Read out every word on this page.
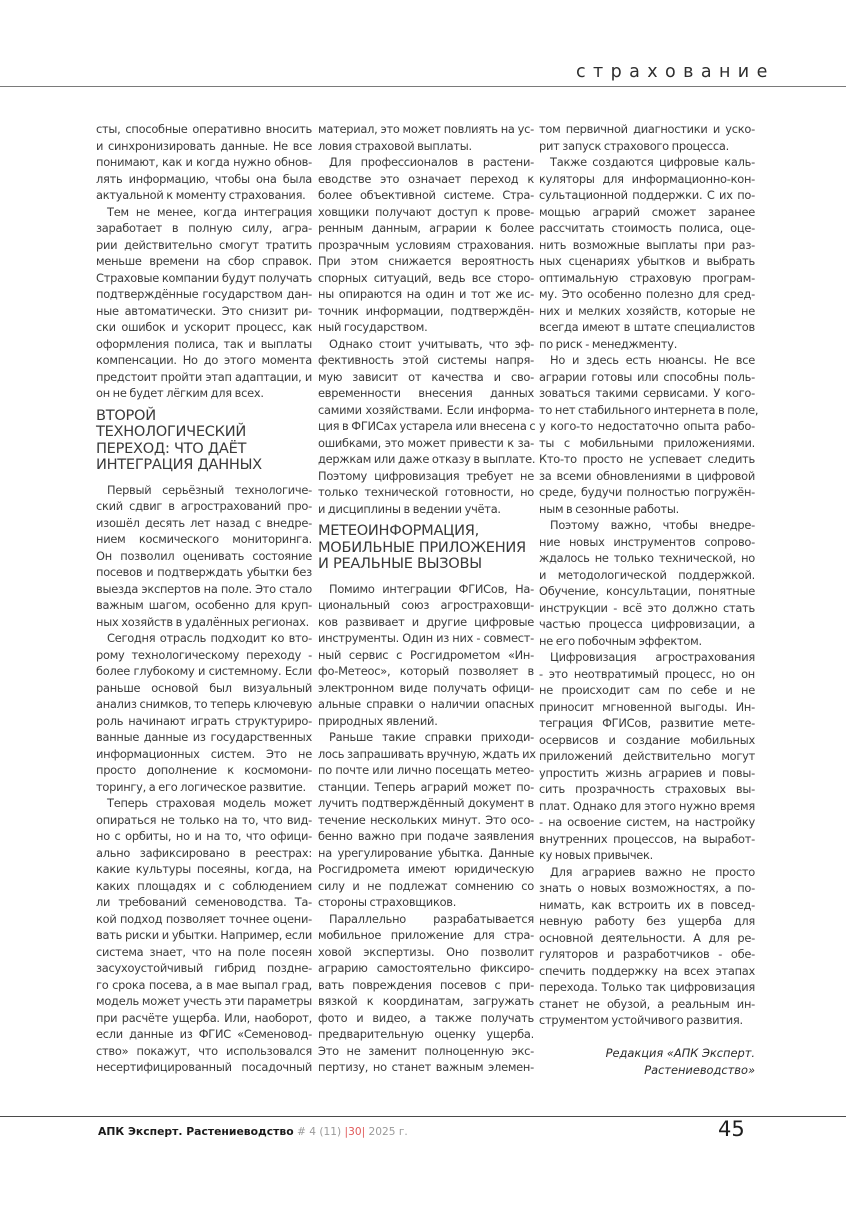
страхование
сты, способные оперативно вносить
и синхронизировать данные. Не все
понимают, как и когда нужно обнов-
лять информацию, чтобы она была
актуальной к моменту страхования.
Тем не менее, когда интеграция
заработает в полную силу, агра-
рии действительно смогут тратить
меньше времени на сбор справок.
Страховые компании будут получать
подтверждённые государством дан-
ные автоматически. Это снизит ри-
ски ошибок и ускорит процесс, как
оформления полиса, так и выплаты
компенсации. Но до этого момента
предстоит пройти этап адаптации, и
он не будет лёгким для всех.
ВТОРОЙ
ТЕХНОЛОГИЧЕСКИЙ
ПЕРЕХОД: ЧТО ДАЁТ
ИНТЕГРАЦИЯ ДАННЫХ
Первый серьёзный технологиче-
ский сдвиг в агрострахований про-
изошёл десять лет назад с внедре-
нием космического мониторинга.
Он позволил оценивать состояние
посевов и подтверждать убытки без
выезда экспертов на поле. Это стало
важным шагом, особенно для круп-
ных хозяйств в удалённых регионах.
Сегодня отрасль подходит ко вто-
рому технологическому переходу -
более глубокому и системному. Если
раньше основой был визуальный
анализ снимков, то теперь ключевую
роль начинают играть структуриро-
ванные данные из государственных
информационных систем. Это не
просто дополнение к космомони-
торингу, а его логическое развитие.
Теперь страховая модель может
опираться не только на то, что вид-
но с орбиты, но и на то, что офици-
ально зафиксировано в реестрах:
какие культуры посеяны, когда, на
каких площадях и с соблюдением
ли требований семеноводства. Та-
кой подход позволяет точнее оцени-
вать риски и убытки. Например, если
система знает, что на поле посеян
засухоустойчивый гибрид поздне-
го срока посева, а в мае выпал град,
модель может учесть эти параметры
при расчёте ущерба. Или, наоборот,
если данные из ФГИС «Семеновод-
ство» покажут, что использовался
несертифицированный посадочный
материал, это может повлиять на ус-
ловия страховой выплаты.
Для профессионалов в растени-
еводстве это означает переход к
более объективной системе. Стра-
ховщики получают доступ к прове-
ренным данным, аграрии к более
прозрачным условиям страхования.
При этом снижается вероятность
спорных ситуаций, ведь все сторо-
ны опираются на один и тот же ис-
точник информации, подтверждён-
ный государством.
Однако стоит учитывать, что эф-
фективность этой системы напря-
мую зависит от качества и сво-
евременности внесения данных
самими хозяйствами. Если информа-
ция в ФГИСах устарела или внесена с
ошибками, это может привести к за-
держкам или даже отказу в выплате.
Поэтому цифровизация требует не
только технической готовности, но
и дисциплины в ведении учёта.
МЕТЕОИНФОРМАЦИЯ,
МОБИЛЬНЫЕ ПРИЛОЖЕНИЯ
И РЕАЛЬНЫЕ ВЫЗОВЫ
Помимо интеграции ФГИСов, На-
циональный союз агростраховщи-
ков развивает и другие цифровые
инструменты. Один из них - совмест-
ный сервис с Росгидрометом «Ин-
фо-Метеос», который позволяет в
электронном виде получать офици-
альные справки о наличии опасных
природных явлений.
Раньше такие справки приходи-
лось запрашивать вручную, ждать их
по почте или лично посещать метео-
станции. Теперь аграрий может по-
лучить подтверждённый документ в
течение нескольких минут. Это осо-
бенно важно при подаче заявления
на урегулирование убытка. Данные
Росгидромета имеют юридическую
силу и не подлежат сомнению со
стороны страховщиков.
Параллельно разрабатывается
мобильное приложение для стра-
ховой экспертизы. Оно позволит
аграрию самостоятельно фиксиро-
вать повреждения посевов с при-
вязкой к координатам, загружать
фото и видео, а также получать
предварительную оценку ущерба.
Это не заменит полноценную экс-
пертизу, но станет важным элемен-
том первичной диагностики и уско-
рит запуск страхового процесса.
Также создаются цифровые каль-
куляторы для информационно-кон-
сультационной поддержки. С их по-
мощью аграрий сможет заранее
рассчитать стоимость полиса, оце-
нить возможные выплаты при раз-
ных сценариях убытков и выбрать
оптимальную страховую програм-
му. Это особенно полезно для сред-
них и мелких хозяйств, которые не
всегда имеют в штате специалистов
по риск - менеджменту.
Но и здесь есть нюансы. Не все
аграрии готовы или способны поль-
зоваться такими сервисами. У кого-
то нет стабильного интернета в поле,
у кого-то недостаточно опыта рабо-
ты с мобильными приложениями.
Кто-то просто не успевает следить
за всеми обновлениями в цифровой
среде, будучи полностью погружён-
ным в сезонные работы.
Поэтому важно, чтобы внедре-
ние новых инструментов сопрово-
ждалось не только технической, но
и методологической поддержкой.
Обучение, консультации, понятные
инструкции - всё это должно стать
частью процесса цифровизации, а
не его побочным эффектом.
Цифровизация агрострахования
- это неотвратимый процесс, но он
не происходит сам по себе и не
приносит мгновенной выгоды. Ин-
теграция ФГИСов, развитие мете-
осервисов и создание мобильных
приложений действительно могут
упростить жизнь аграриев и повы-
сить прозрачность страховых вы-
плат. Однако для этого нужно время
- на освоение систем, на настройку
внутренних процессов, на выработ-
ку новых привычек.
Для аграриев важно не просто
знать о новых возможностях, а по-
нимать, как встроить их в повсед-
невную работу без ущерба для
основной деятельности. А для ре-
гуляторов и разработчиков - обе-
спечить поддержку на всех этапах
перехода. Только так цифровизация
станет не обузой, а реальным ин-
струментом устойчивого развития.
Редакция «АПК Эксперт.
Растениеводство»
АПК Эксперт. Растениеводство # 4 (11) |30| 2025 г.	45
